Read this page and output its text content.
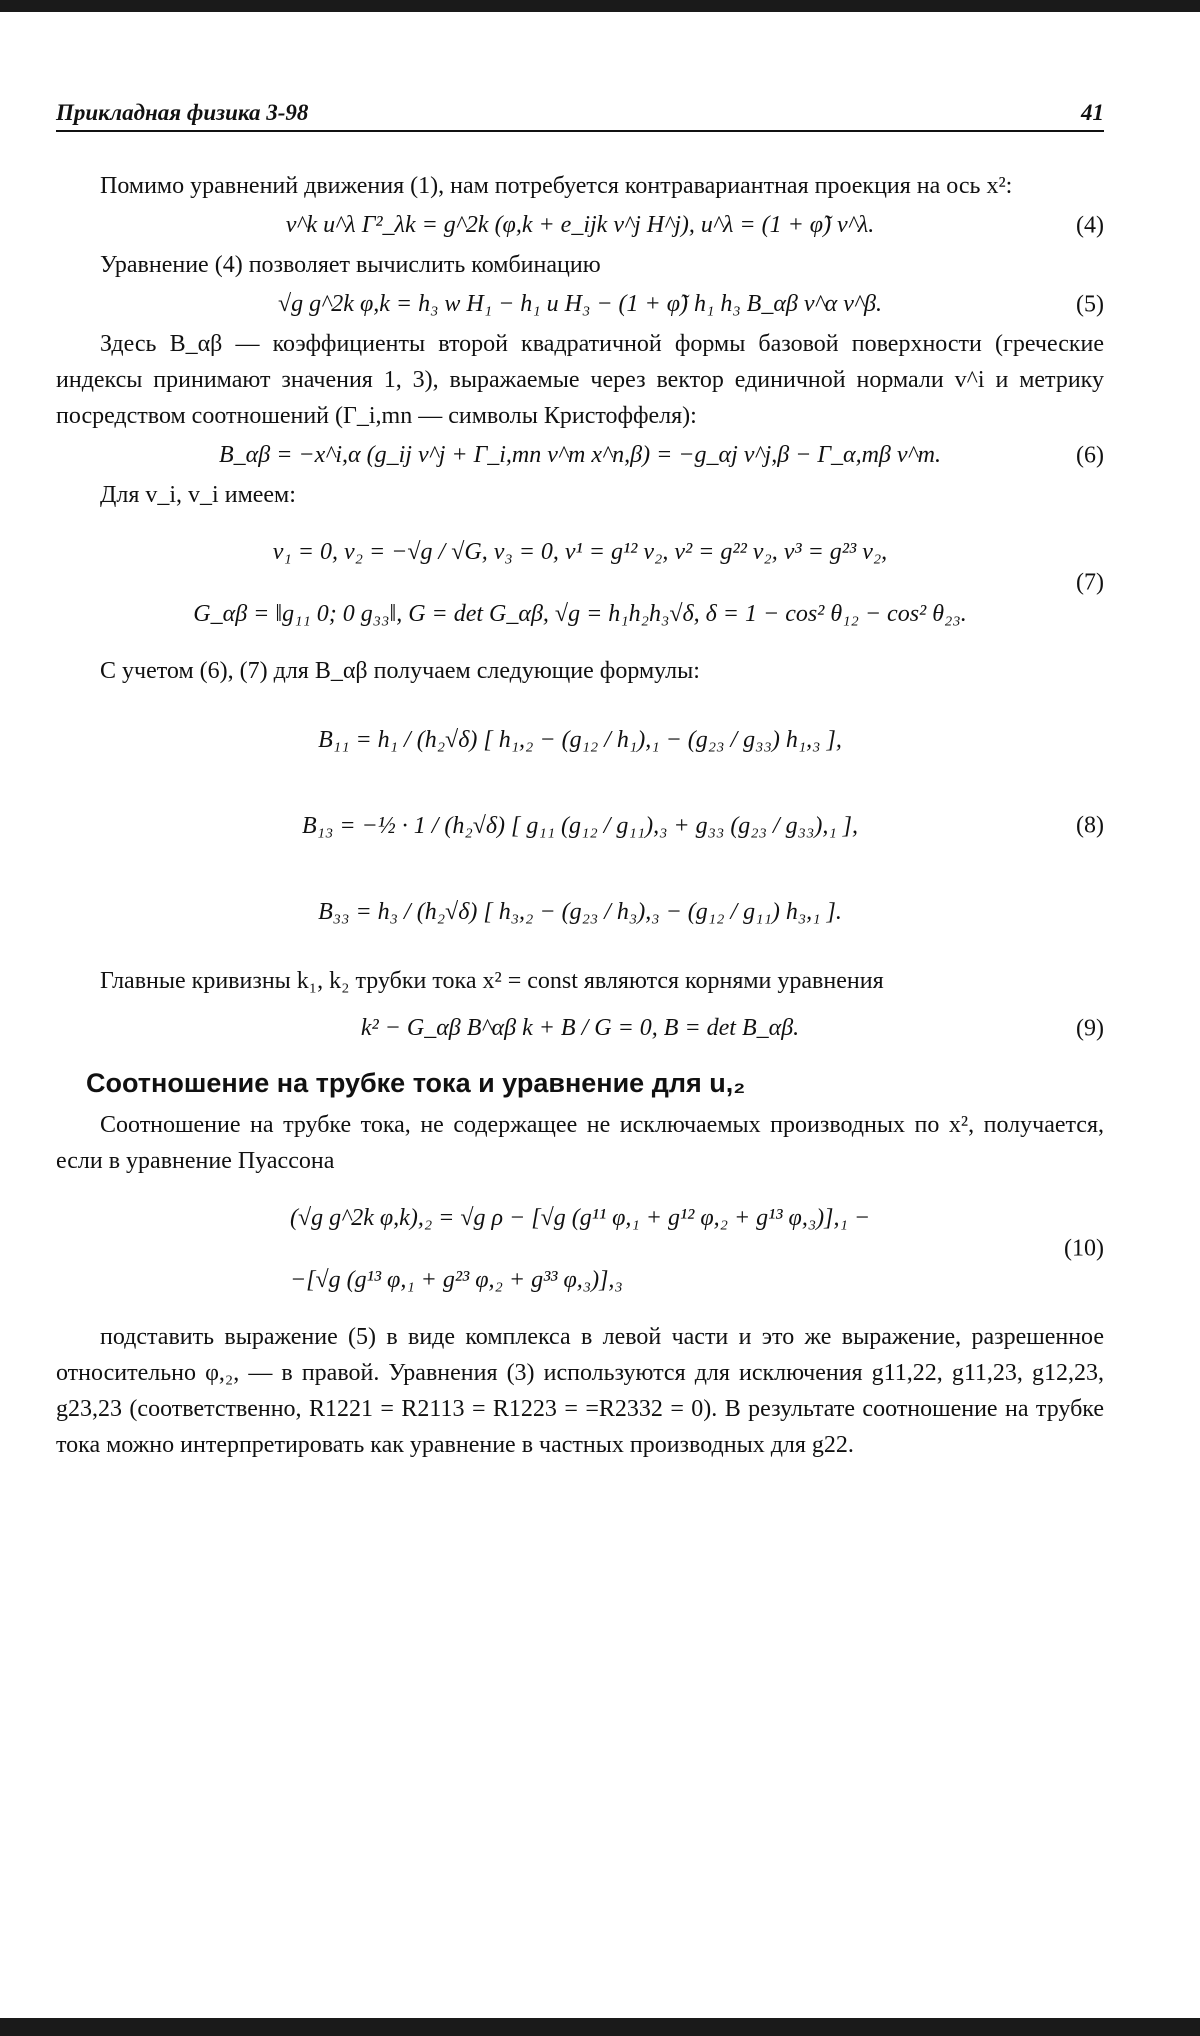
Прикладная физика 3-98	41

Помимо уравнений движения (1), нам потребуется контравариантная проекция на ось x²:

v^k u^λ Γ²_λk = g^2k (φ,k + e_ijk v^j H^j), u^λ = (1 + φ̃) v^λ.	(4)

Уравнение (4) позволяет вычислить комбинацию

√g g^2k φ,k = h₃ w H₁ − h₁ u H₃ − (1 + φ̃) h₁ h₃ B_αβ v^α v^β.	(5)

Здесь B_αβ — коэффициенты второй квадратичной формы базовой поверхности (греческие индексы принимают значения 1, 3), выражаемые через вектор единичной нормали v^i и метрику посредством соотношений (Γ_i,mn — символы Кристоффеля):

B_αβ = −x^i,α (g_ij v^j + Γ_i,mn v^m x^n,β) = −g_αj v^j,β − Γ_α,mβ v^m.	(6)

Для v_i, v_i имеем:

v₁ = 0, v₂ = −√g / √G, v₃ = 0, v¹ = g¹² v₂, v² = g²² v₂, v³ = g²³ v₂,
G_αβ = ‖g₁₁ 0; 0 g₃₃‖, G = det G_αβ, √g = h₁h₂h₃√δ, δ = 1 − cos² θ₁₂ − cos² θ₂₃.
(7)

С учетом (6), (7) для B_αβ получаем следующие формулы:

B₁₁ = h₁ / (h₂√δ) [ h₁,₂ − (g₁₂ / h₁),₁ − (g₂₃ / g₃₃) h₁,₃ ],
B₁₃ = −½ · 1 / (h₂√δ) [ g₁₁ (g₁₂ / g₁₁),₃ + g₃₃ (g₂₃ / g₃₃),₁ ],
B₃₃ = h₃ / (h₂√δ) [ h₃,₂ − (g₂₃ / h₃),₃ − (g₁₂ / g₁₁) h₃,₁ ].
(8)

Главные кривизны k₁, k₂ трубки тока x² = const являются корнями уравнения

k² − G_αβ B^αβ k + B / G = 0, B = det B_αβ.	(9)
Соотношение на трубке тока и уравнение для u,₂

Соотношение на трубке тока, не содержащее не исключаемых производных по x², получается, если в уравнение Пуассона

(√g g^2k φ,k),₂ = √g ρ − [√g (g¹¹ φ,₁ + g¹² φ,₂ + g¹³ φ,₃)],₁ −
−[√g (g¹³ φ,₁ + g²³ φ,₂ + g³³ φ,₃)],₃
(10)

подставить выражение (5) в виде комплекса в левой части и это же выражение, разрешенное относительно φ,₂, — в правой. Уравнения (3) используются для исключения g11,22, g11,23, g12,23, g23,23 (соответственно, R1221 = R2113 = R1223 = =R2332 = 0). В результате соотношение на трубке тока можно интерпретировать как уравнение в частных производных для g22.
